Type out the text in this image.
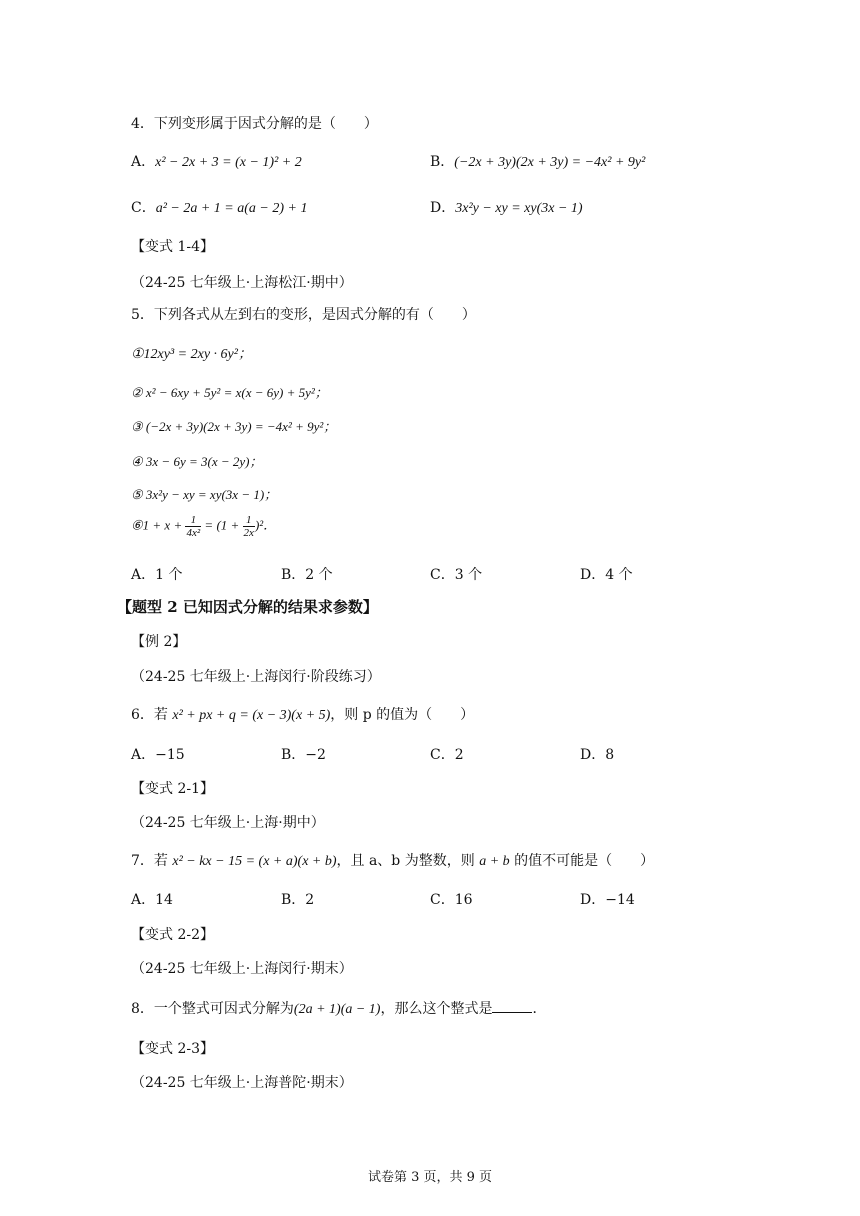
4．下列变形属于因式分解的是（　　）
A．x² − 2x + 3 = (x − 1)² + 2	B．(−2x + 3y)(2x + 3y) = −4x² + 9y²
C．a² − 2a + 1 = a(a − 2) + 1	D．3x²y − xy = xy(3x − 1)
【变式 1-4】
（24-25 七年级上·上海松江·期中）
5．下列各式从左到右的变形，是因式分解的有（　　）
①12xy³ = 2xy · 6y²；
② x² − 6xy + 5y² = x(x − 6y) + 5y²；
③ (−2x + 3y)(2x + 3y) = −4x² + 9y²；
④ 3x − 6y = 3(x − 2y)；
⑤ 3x²y − xy = xy(3x − 1)；
⑥1 + $x + \frac{1}{\text{4x²}} = (1 + \frac{1}{2x} )^2$．
A．1 个	B．2 个	C．3 个	D．4 个
【题型 2 已知因式分解的结果求参数】
【例 2】
（24-25 七年级上·上海闵行·阶段练习）
6．若 x² + px + q = (x − 3)(x + 5)，则 p 的值为（　　）
A．−15	B．−2	C．2	D．8
【变式 2-1】
（24-25 七年级上·上海·期中）
7．若 x² − kx − 15 = (x + a)(x + b)，且 a、b 为整数，则 a + b 的值不可能是（　　）
A．14	B．2	C．16	D．−14
【变式 2-2】
（24-25 七年级上·上海闵行·期末）
8．一个整式可因式分解为(2a + 1)(a − 1)，那么这个整式是	．
【变式 2-3】
（24-25 七年级上·上海普陀·期末）
试卷第 3 页，共 9 页
